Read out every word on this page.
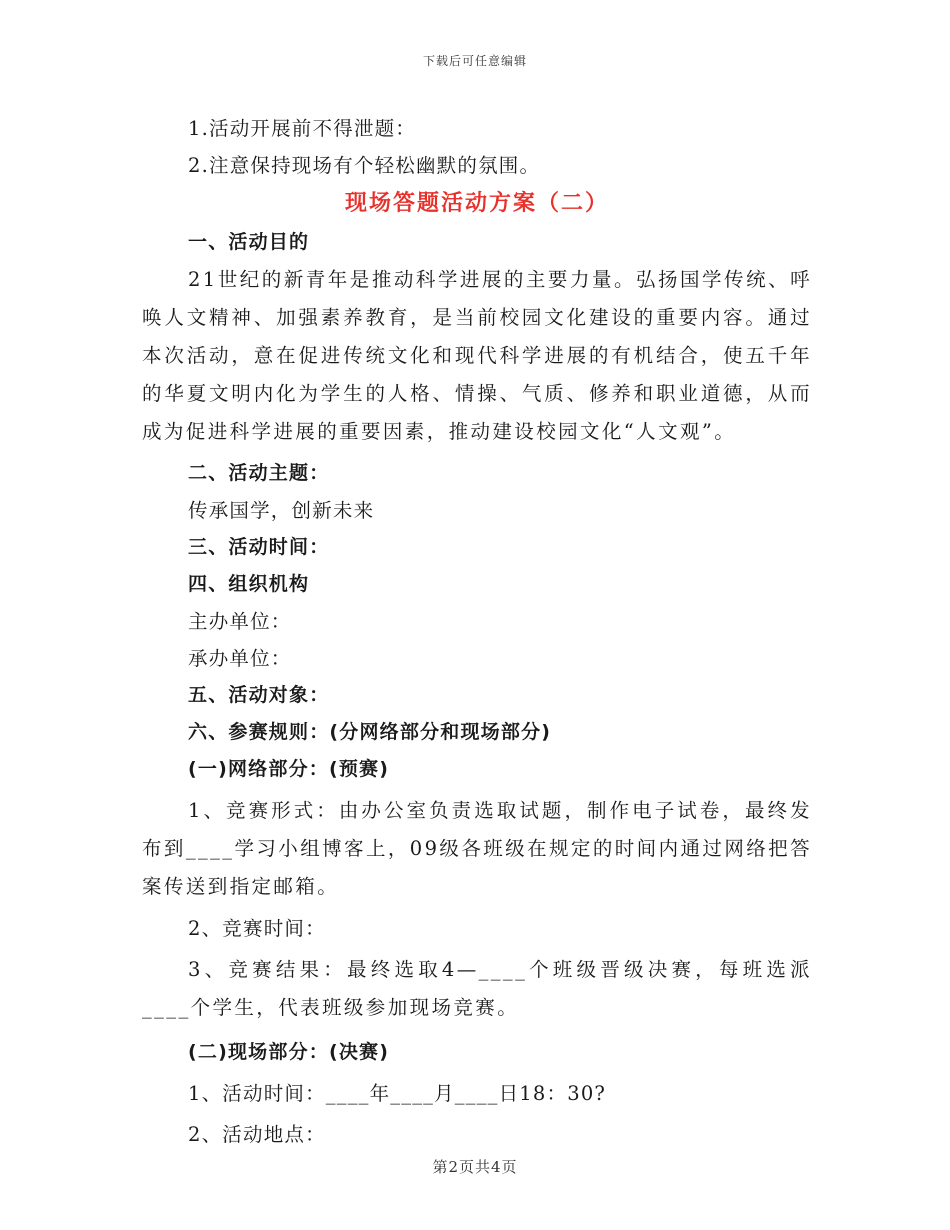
下载后可任意编辑
1.活动开展前不得泄题：
2.注意保持现场有个轻松幽默的氛围。
现场答题活动方案（二）
一、活动目的
21世纪的新青年是推动科学进展的主要力量。弘扬国学传统、呼唤人文精神、加强素养教育，是当前校园文化建设的重要内容。通过本次活动，意在促进传统文化和现代科学进展的有机结合，使五千年的华夏文明内化为学生的人格、情操、气质、修养和职业道德，从而成为促进科学进展的重要因素，推动建设校园文化“人文观”。
二、活动主题：
传承国学，创新未来
三、活动时间：
四、组织机构
主办单位：
承办单位：
五、活动对象：
六、参赛规则：(分网络部分和现场部分)
(一)网络部分：(预赛)
1、竞赛形式：由办公室负责选取试题，制作电子试卷，最终发布到____学习小组博客上，09级各班级在规定的时间内通过网络把答案传送到指定邮箱。
2、竞赛时间：
3、竞赛结果：最终选取4—____个班级晋级决赛，每班选派____个学生，代表班级参加现场竞赛。
(二)现场部分：(决赛)
1、活动时间：____年____月____日18：30?
2、活动地点：
第2页共4页
